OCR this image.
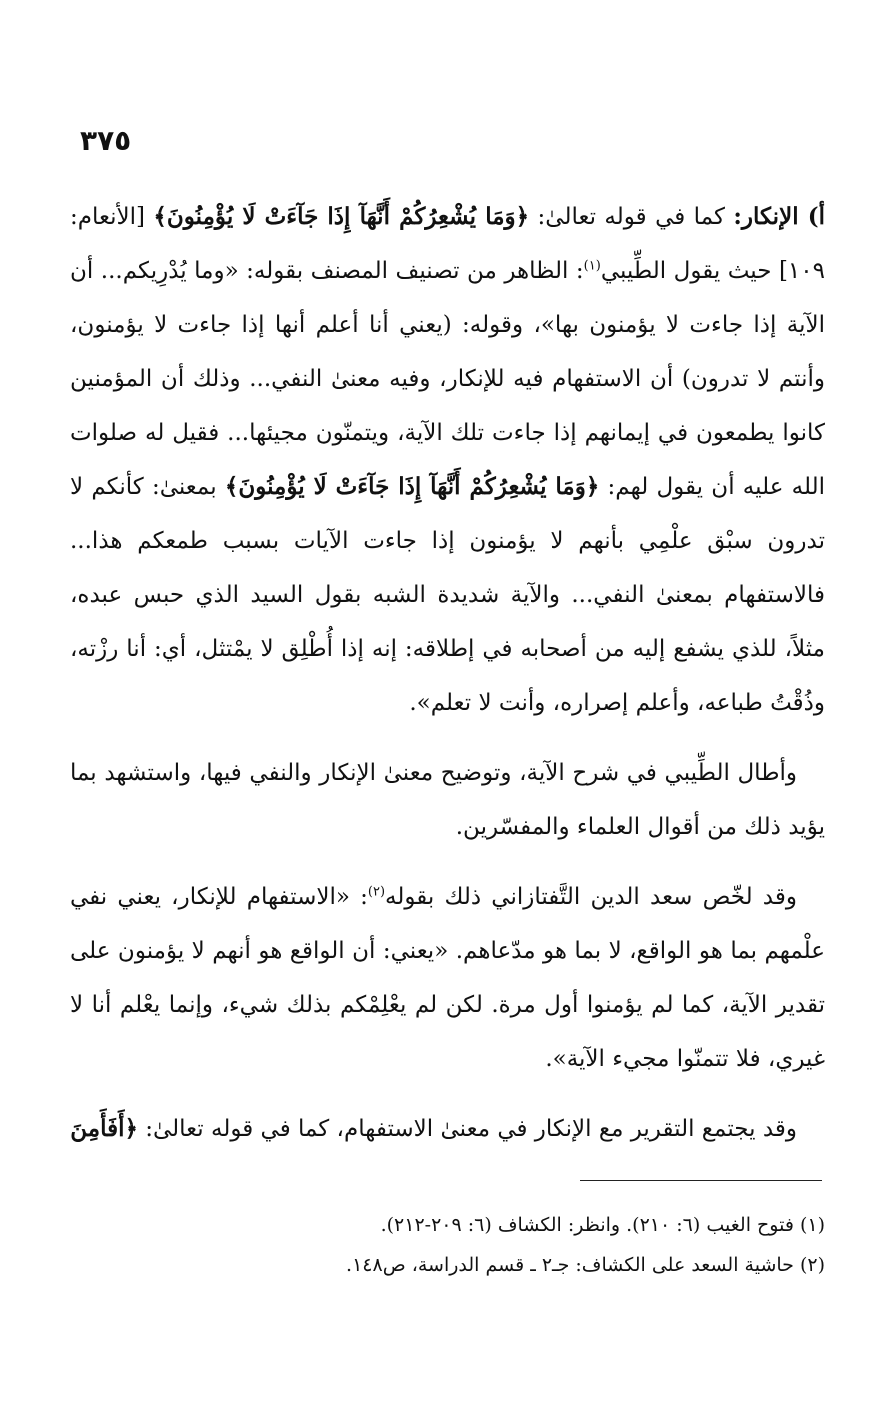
٣٧٥

أ) الإنكار: كما في قوله تعالىٰ: ﴿وَمَا يُشْعِرُكُمْ أَنَّهَآ إِذَا جَآءَتْ لَا يُؤْمِنُونَ﴾ [الأنعام: ١٠٩] حيث يقول الطِّيبي$^{(١)}$: الظاهر من تصنيف المصنف بقوله: «وما يُدْرِيكم... أن الآية إذا جاءت لا يؤمنون بها»، وقوله: (يعني أنا أعلم أنها إذا جاءت لا يؤمنون، وأنتم لا تدرون) أن الاستفهام فيه للإنكار، وفيه معنىٰ النفي... وذلك أن المؤمنين كانوا يطمعون في إيمانهم إذا جاءت تلك الآية، ويتمنّون مجيئها... فقيل له صلوات الله عليه أن يقول لهم: ﴿وَمَا يُشْعِرُكُمْ أَنَّهَآ إِذَا جَآءَتْ لَا يُؤْمِنُونَ﴾ بمعنىٰ: كأنكم لا تدرون سبْق علْمِي بأنهم لا يؤمنون إذا جاءت الآيات بسبب طمعكم هذا... فالاستفهام بمعنىٰ النفي... والآية شديدة الشبه بقول السيد الذي حبس عبده، مثلاً، للذي يشفع إليه من أصحابه في إطلاقه: إنه إذا أُطْلِق لا يمْتثل، أي: أنا رزْته، وذُقْتُ طباعه، وأعلم إصراره، وأنت لا تعلم».

وأطال الطِّيبي في شرح الآية، وتوضيح معنىٰ الإنكار والنفي فيها، واستشهد بما يؤيد ذلك من أقوال العلماء والمفسّرين.

وقد لخّص سعد الدين التَّفتازاني ذلك بقوله$^{(٢)}$: «الاستفهام للإنكار، يعني نفي علْمهم بما هو الواقع، لا بما هو مدّعاهم. «يعني: أن الواقع هو أنهم لا يؤمنون على تقدير الآية، كما لم يؤمنوا أول مرة. لكن لم يعْلِمْكم بذلك شيء، وإنما يعْلم أنا لا غيري، فلا تتمنّوا مجيء الآية».

وقد يجتمع التقرير مع الإنكار في معنىٰ الاستفهام، كما في قوله تعالىٰ: ﴿أَفَأَمِنَ

(١) فتوح الغيب (٦: ٢١٠). وانظر: الكشاف (٦: ٢٠٩-٢١٢).

(٢) حاشية السعد على الكشاف: جـ٢ ـ قسم الدراسة، ص١٤٨.
